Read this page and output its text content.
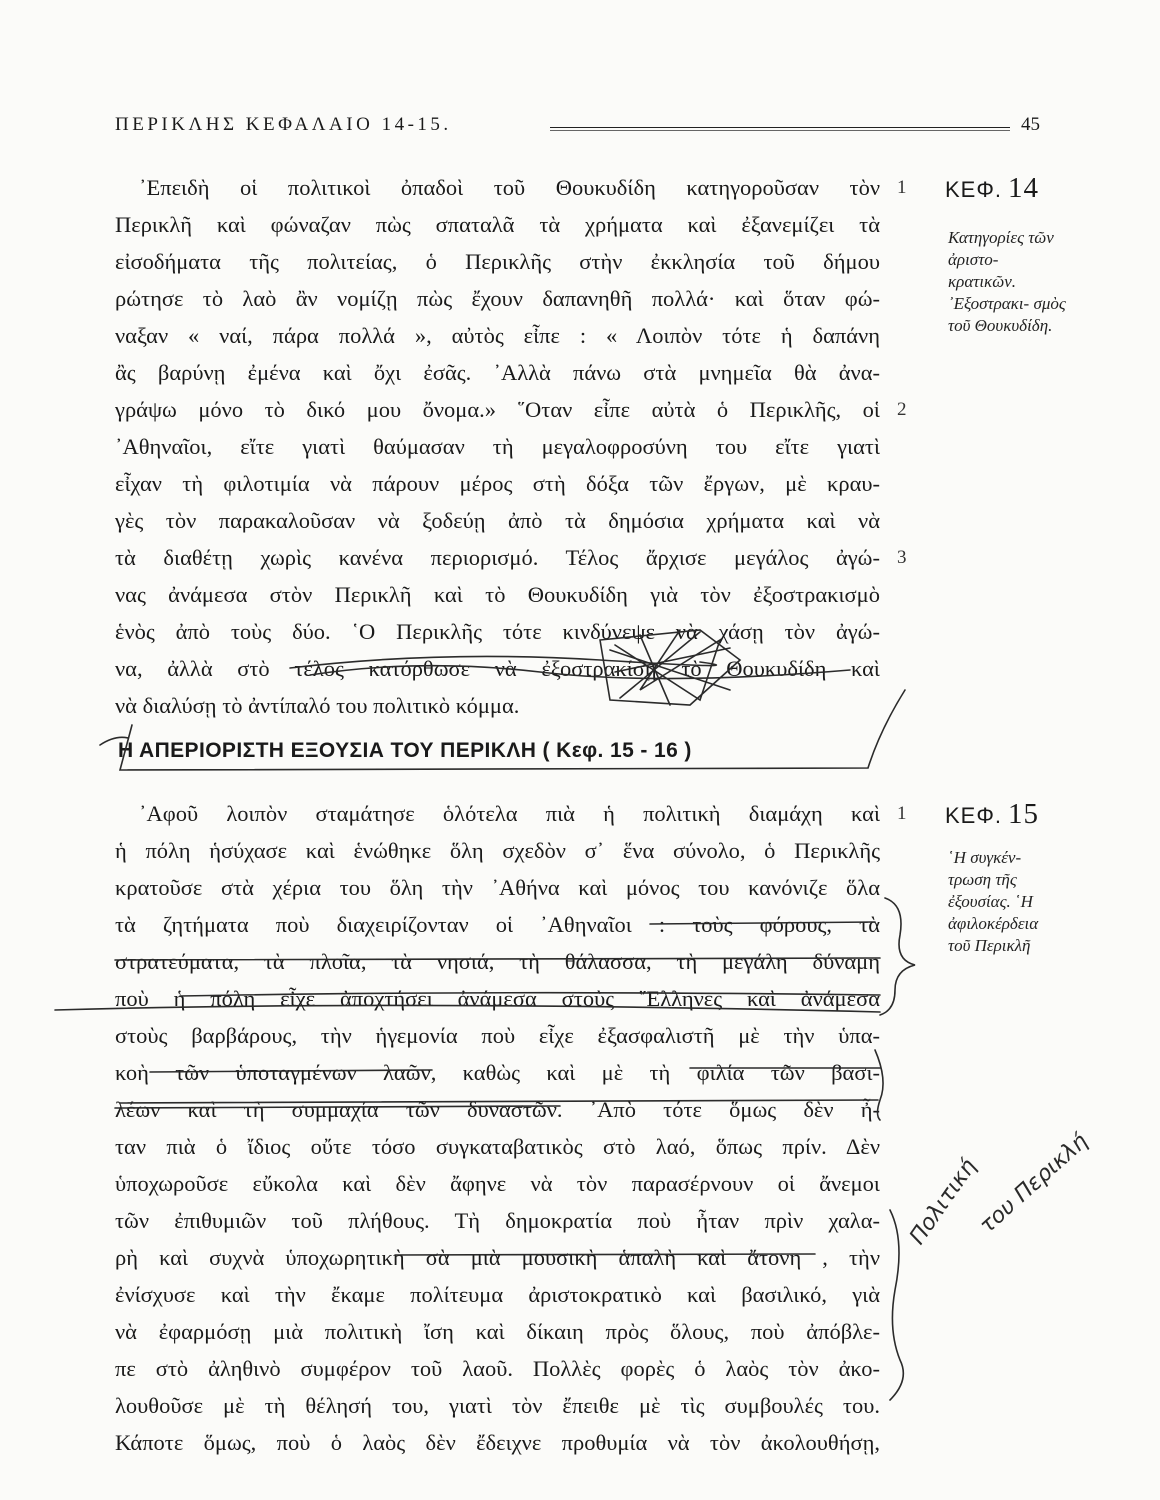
ΠΕΡΙΚΛΗΣ ΚΕΦΑΛΑΙΟ 14-15.	45
᾿Επειδὴ οἱ πολιτικοὶ ὀπαδοὶ τοῦ Θουκυδίδη κατηγοροῦσαν τὸν
Περικλῆ καὶ φώναζαν πὼς σπαταλᾶ τὰ χρήματα καὶ ἐξανεμίζει τὰ
εἰσοδήματα τῆς πολιτείας, ὁ Περικλῆς στὴν ἐκκλησία τοῦ δήμου
ρώτησε τὸ λαὸ ἂν νομίζῃ πὼς ἔχουν δαπανηθῆ πολλά· καὶ ὅταν φώ-
ναξαν « ναί, πάρα πολλά », αὐτὸς εἶπε : « Λοιπὸν τότε ἡ δαπάνη
ἂς βαρύνῃ ἐμένα καὶ ὄχι ἐσᾶς. ᾿Αλλὰ πάνω στὰ μνημεῖα θὰ ἀνα-
γράψω μόνο τὸ δικό μου ὄνομα.» ῞Οταν εἶπε αὐτὰ ὁ Περικλῆς, οἱ
᾿Αθηναῖοι, εἴτε γιατὶ θαύμασαν τὴ μεγαλοφροσύνη του εἴτε γιατὶ
εἶχαν τὴ φιλοτιμία νὰ πάρουν μέρος στὴ δόξα τῶν ἔργων, μὲ κραυ-
γὲς τὸν παρακαλοῦσαν νὰ ξοδεύῃ ἀπὸ τὰ δημόσια χρήματα καὶ νὰ
τὰ διαθέτῃ χωρὶς κανένα περιορισμό. Τέλος ἄρχισε μεγάλος ἀγώ-
νας ἀνάμεσα στὸν Περικλῆ καὶ τὸ Θουκυδίδη γιὰ τὸν ἐξοστρακισμὸ
ἑνὸς ἀπὸ τοὺς δύο. ῾Ο Περικλῆς τότε κινδύνεψε νὰ χάσῃ τὸν ἀγώ-
να, ἀλλὰ στὸ τέλος κατόρθωσε νὰ ἐξοστρακίσῃ τὸ Θουκυδίδη καὶ
νὰ διαλύσῃ τὸ ἀντίπαλό του πολιτικὸ κόμμα.
1
2
3
ΚΕΦ. 14
Κατηγορίες τῶν ἀριστο- κρατικῶν. ᾿Εξοστρακι- σμὸς τοῦ Θουκυδίδη.
Η ΑΠΕΡΙΟΡΙΣΤΗ ΕΞΟΥΣΙΑ ΤΟΥ ΠΕΡΙΚΛΗ ( Κεφ. 15 - 16 )
᾿Αφοῦ λοιπὸν σταμάτησε ὁλότελα πιὰ ἡ πολιτικὴ διαμάχη καὶ
ἡ πόλη ἡσύχασε καὶ ἑνώθηκε ὅλη σχεδὸν σ᾿ ἕνα σύνολο, ὁ Περικλῆς
κρατοῦσε στὰ χέρια του ὅλη τὴν ᾿Αθήνα καὶ μόνος του κανόνιζε ὅλα
τὰ ζητήματα ποὺ διαχειρίζονταν οἱ ᾿Αθηναῖοι : τοὺς φόρους, τὰ
στρατεύματα, τὰ πλοῖα, τὰ νησιά, τὴ θάλασσα, τὴ μεγάλη δύναμη
ποὺ ἡ πόλη εἶχε ἀποχτήσει ἀνάμεσα στοὺς ῞Ελληνες καὶ ἀνάμεσα
στοὺς βαρβάρους, τὴν ἡγεμονία ποὺ εἶχε ἐξασφαλιστῆ μὲ τὴν ὑπα-
κοὴ τῶν ὑποταγμένων λαῶν, καθὼς καὶ μὲ τὴ φιλία τῶν βασι-
λέων καὶ τὴ συμμαχία τῶν δυναστῶν. ᾿Απὸ τότε ὅμως δὲν ἦ-
ταν πιὰ ὁ ἴδιος οὔτε τόσο συγκαταβατικὸς στὸ λαό, ὅπως πρίν. Δὲν
ὑποχωροῦσε εὔκολα καὶ δὲν ἄφηνε νὰ τὸν παρασέρνουν οἱ ἄνεμοι
τῶν ἐπιθυμιῶν τοῦ πλήθους. Τὴ δημοκρατία ποὺ ἦταν πρὶν χαλα-
ρὴ καὶ συχνὰ ὑποχωρητικὴ σὰ μιὰ μουσικὴ ἁπαλὴ καὶ ἄτονη , τὴν
ἐνίσχυσε καὶ τὴν ἔκαμε πολίτευμα ἀριστοκρατικὸ καὶ βασιλικό, γιὰ
νὰ ἐφαρμόσῃ μιὰ πολιτικὴ ἴση καὶ δίκαιη πρὸς ὅλους, ποὺ ἀπόβλε-
πε στὸ ἀληθινὸ συμφέρον τοῦ λαοῦ. Πολλὲς φορὲς ὁ λαὸς τὸν ἀκο-
λουθοῦσε μὲ τὴ θέλησή του, γιατὶ τὸν ἔπειθε μὲ τὶς συμβουλές του.
Κάποτε ὅμως, ποὺ ὁ λαὸς δὲν ἔδειχνε προθυμία νὰ τὸν ἀκολουθήσῃ,
1 ΚΕΦ. 15
῾Η συγκέν- τρωση τῆς ἐξουσίας. ῾Η ἀφιλοκέρδεια τοῦ Περικλῆ
Πολιτική
του Περικλή
